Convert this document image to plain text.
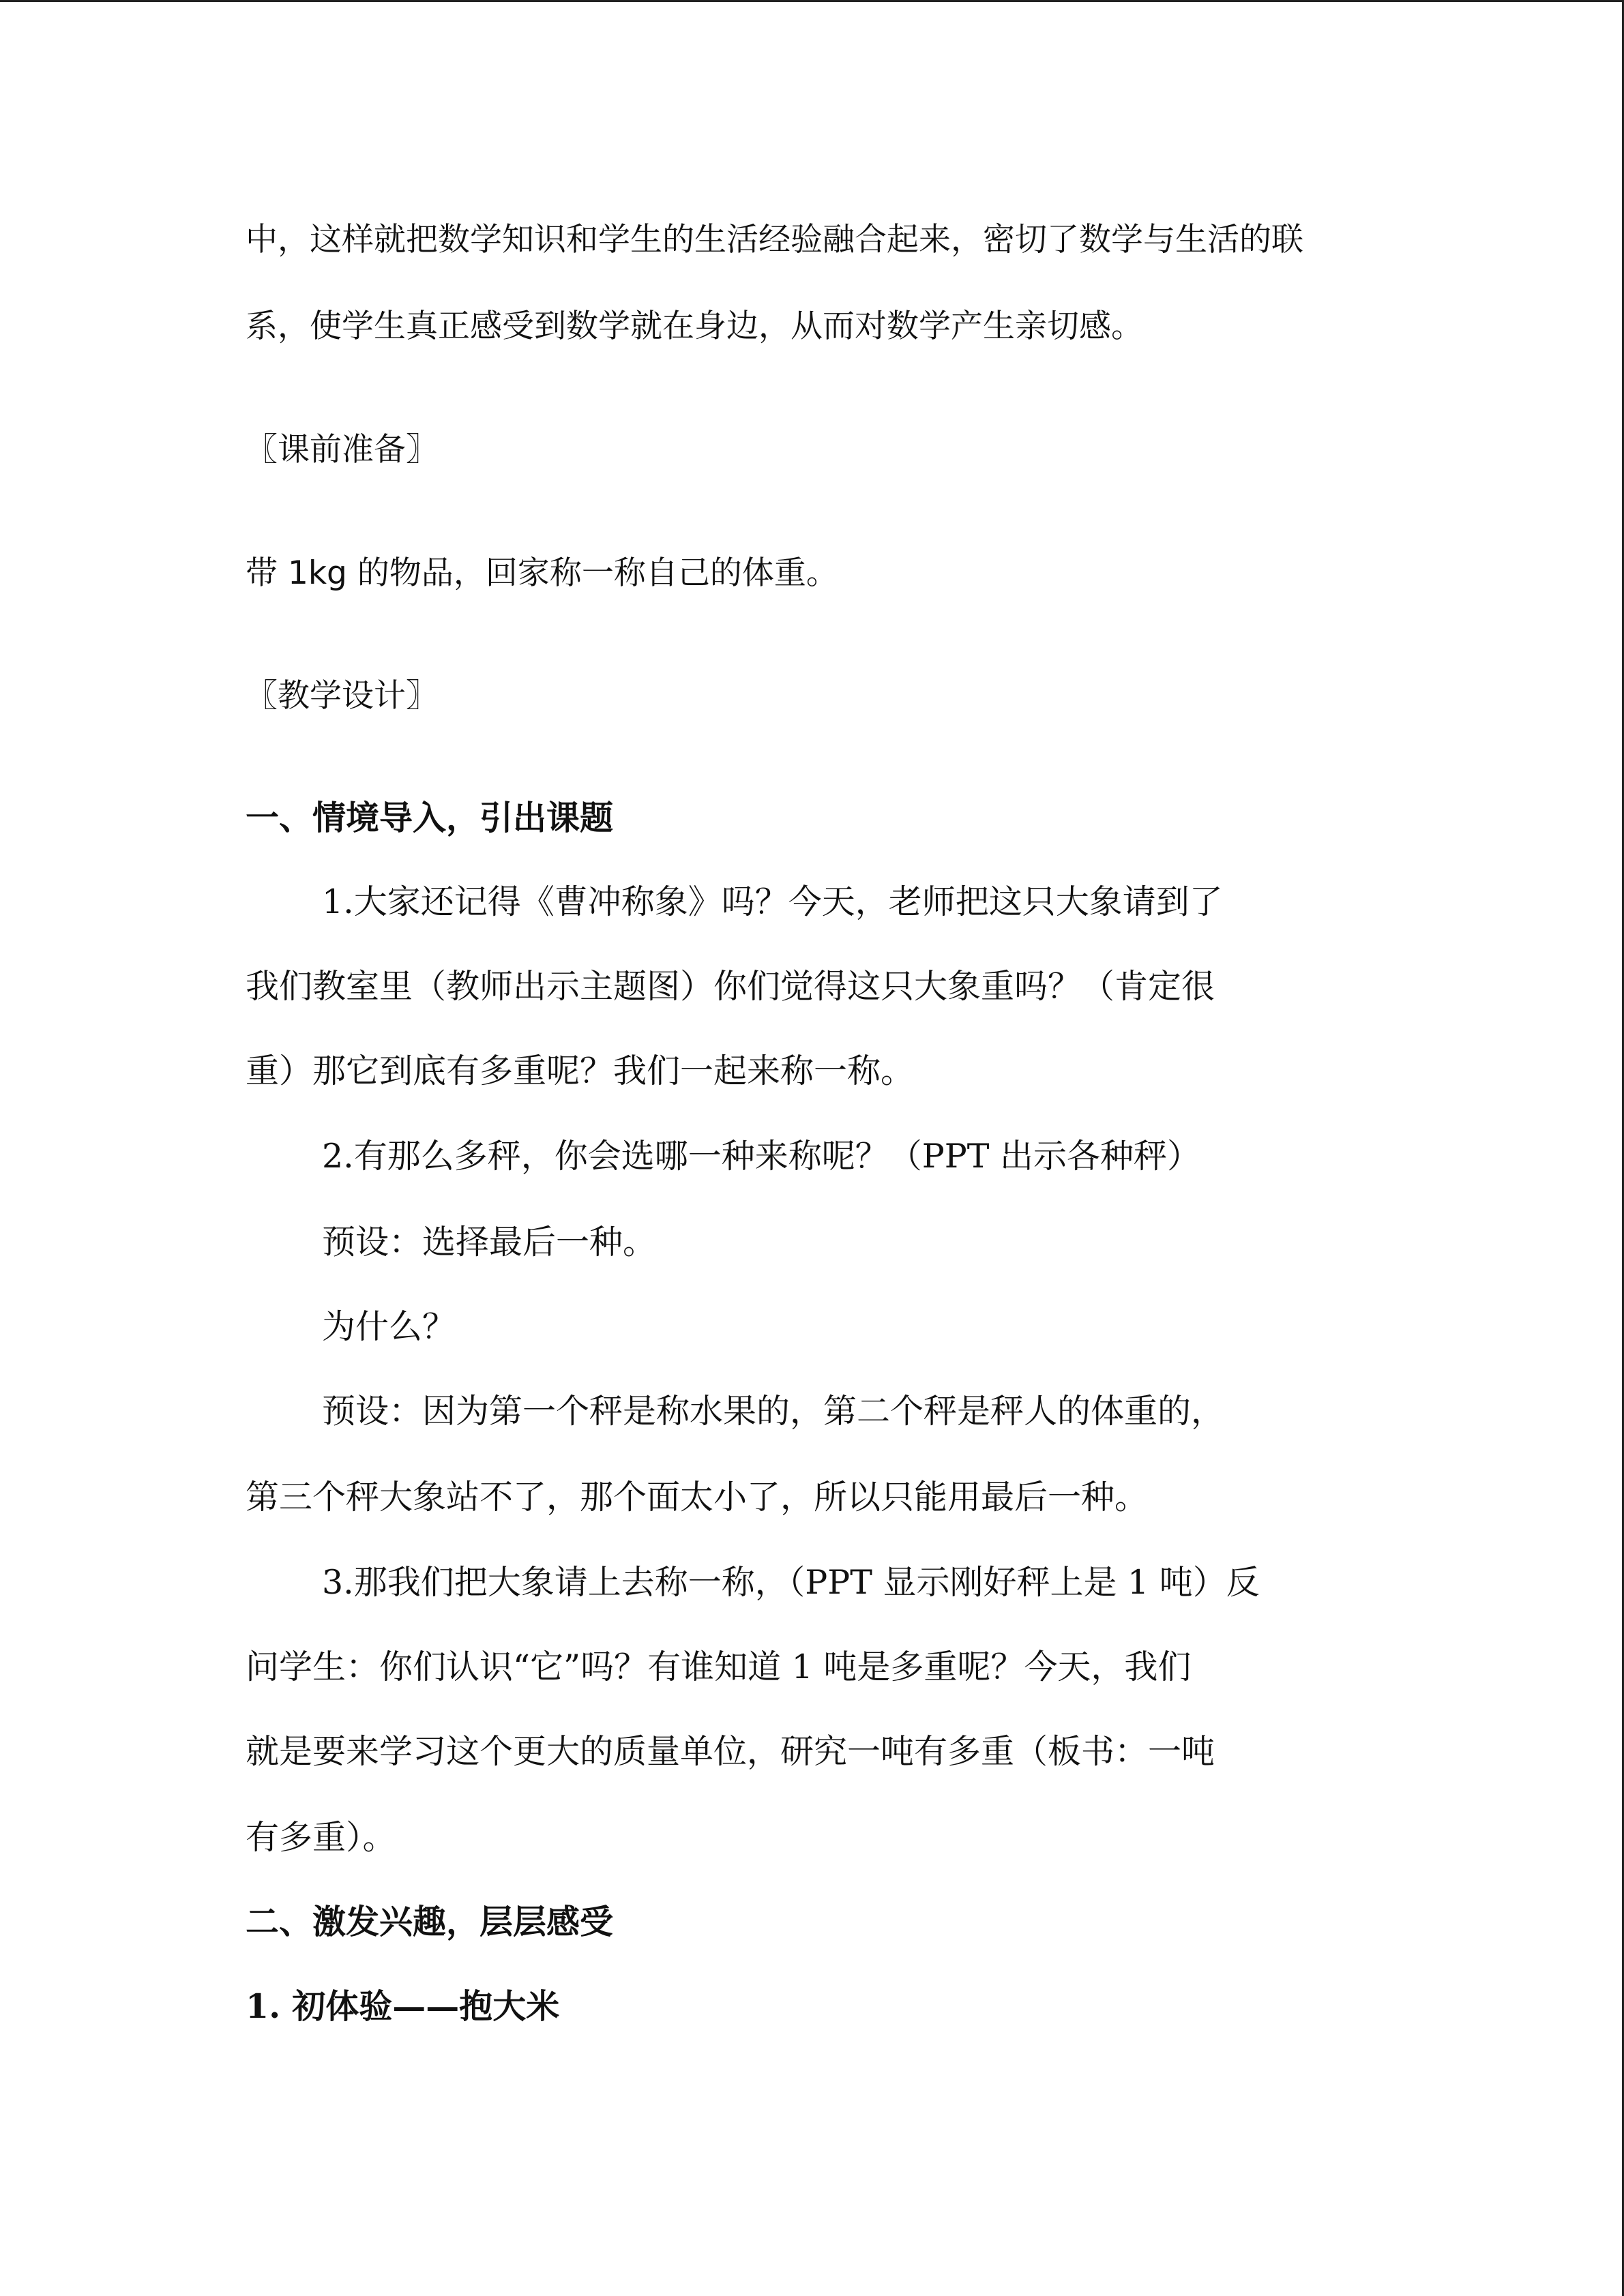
中，这样就把数学知识和学生的生活经验融合起来，密切了数学与生活的联

系，使学生真正感受到数学就在身边，从而对数学产生亲切感。

〖课前准备〗

带 1kg 的物品，回家称一称自己的体重。

〖教学设计〗

一、情境导入，引出课题

1.大家还记得《曹冲称象》吗？今天，老师把这只大象请到了

我们教室里（教师出示主题图）你们觉得这只大象重吗？（肯定很

重）那它到底有多重呢？我们一起来称一称。

2.有那么多秤，你会选哪一种来称呢？（PPT 出示各种秤）

预设：选择最后一种。

为什么？

预设：因为第一个秤是称水果的，第二个秤是秤人的体重的，

第三个秤大象站不了，那个面太小了，所以只能用最后一种。

3.那我们把大象请上去称一称，（PPT 显示刚好秤上是 1 吨）反

问学生：你们认识“它”吗？有谁知道 1 吨是多重呢？今天，我们

就是要来学习这个更大的质量单位，研究一吨有多重（板书：一吨

有多重）。

二、激发兴趣，层层感受

1. 初体验——抱大米
